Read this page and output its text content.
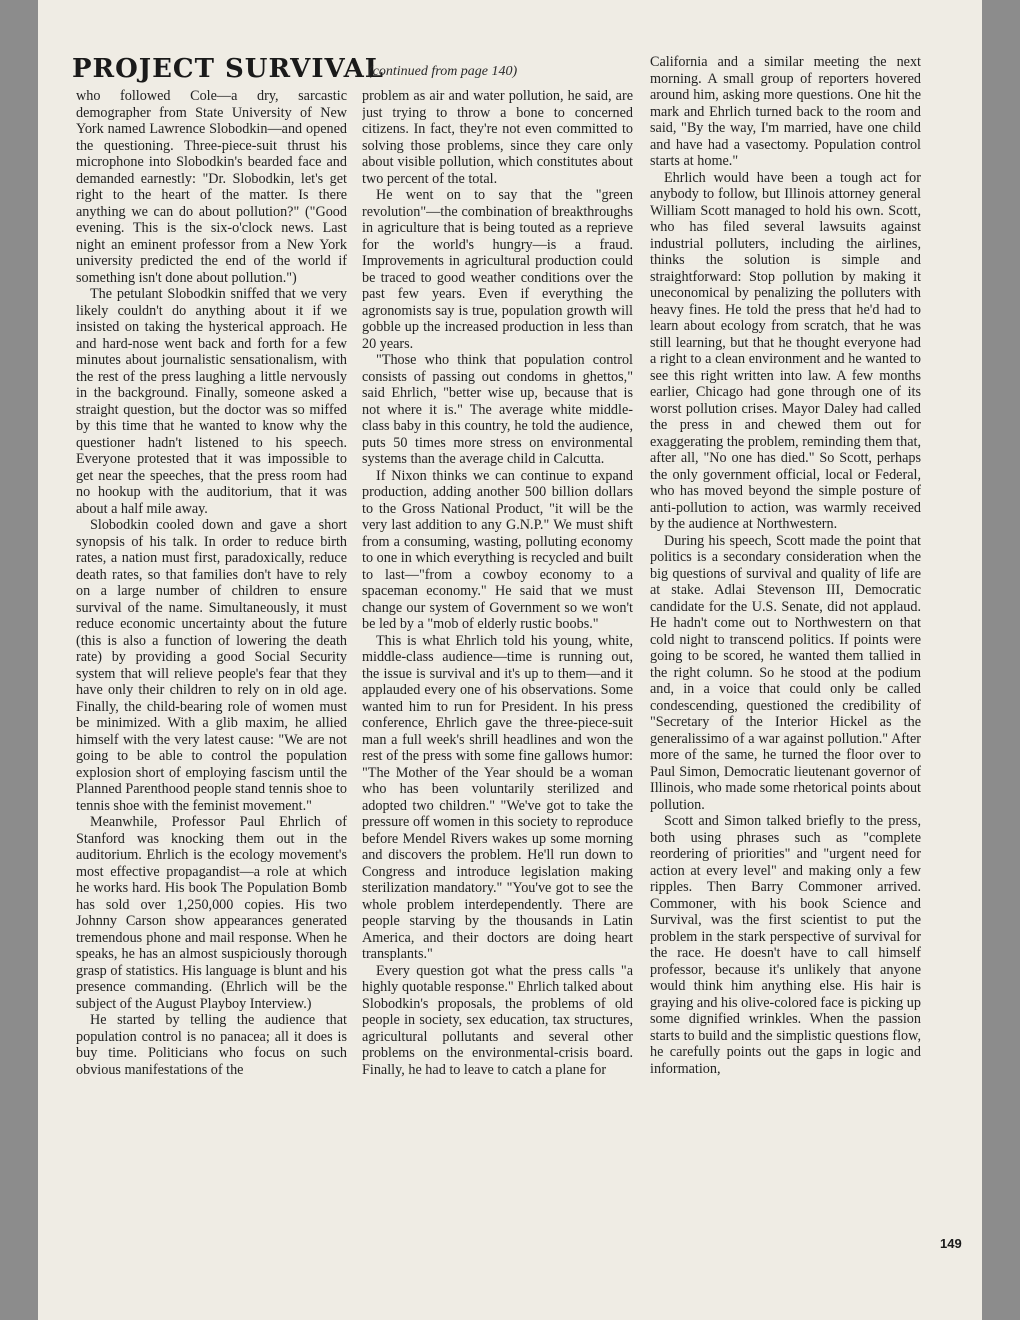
PROJECT SURVIVAL
(continued from page 140)

who followed Cole—a dry, sarcastic demographer from State University of New York named Lawrence Slobodkin—and opened the questioning. Three-piece-suit thrust his microphone into Slobodkin's bearded face and demanded earnestly: "Dr. Slobodkin, let's get right to the heart of the matter. Is there anything we can do about pollution?" ("Good evening. This is the six-o'clock news. Last night an eminent professor from a New York university predicted the end of the world if something isn't done about pollution.")

The petulant Slobodkin sniffed that we very likely couldn't do anything about it if we insisted on taking the hysterical approach. He and hard-nose went back and forth for a few minutes about journalistic sensationalism, with the rest of the press laughing a little nervously in the background. Finally, someone asked a straight question, but the doctor was so miffed by this time that he wanted to know why the questioner hadn't listened to his speech. Everyone protested that it was impossible to get near the speeches, that the press room had no hookup with the auditorium, that it was about a half mile away.

Slobodkin cooled down and gave a short synopsis of his talk. In order to reduce birth rates, a nation must first, paradoxically, reduce death rates, so that families don't have to rely on a large number of children to ensure survival of the name. Simultaneously, it must reduce economic uncertainty about the future (this is also a function of lowering the death rate) by providing a good Social Security system that will relieve people's fear that they have only their children to rely on in old age. Finally, the child-bearing role of women must be minimized. With a glib maxim, he allied himself with the very latest cause: "We are not going to be able to control the population explosion short of employing fascism until the Planned Parenthood people stand tennis shoe to tennis shoe with the feminist movement."

Meanwhile, Professor Paul Ehrlich of Stanford was knocking them out in the auditorium. Ehrlich is the ecology movement's most effective propagandist—a role at which he works hard. His book The Population Bomb has sold over 1,250,000 copies. His two Johnny Carson show appearances generated tremendous phone and mail response. When he speaks, he has an almost suspiciously thorough grasp of statistics. His language is blunt and his presence commanding. (Ehrlich will be the subject of the August Playboy Interview.)

He started by telling the audience that population control is no panacea; all it does is buy time. Politicians who focus on such obvious manifestations of the

problem as air and water pollution, he said, are just trying to throw a bone to concerned citizens. In fact, they're not even committed to solving those problems, since they care only about visible pollution, which constitutes about two percent of the total.

He went on to say that the "green revolution"—the combination of breakthroughs in agriculture that is being touted as a reprieve for the world's hungry—is a fraud. Improvements in agricultural production could be traced to good weather conditions over the past few years. Even if everything the agronomists say is true, population growth will gobble up the increased production in less than 20 years.

"Those who think that population control consists of passing out condoms in ghettos," said Ehrlich, "better wise up, because that is not where it is." The average white middle-class baby in this country, he told the audience, puts 50 times more stress on environmental systems than the average child in Calcutta.

If Nixon thinks we can continue to expand production, adding another 500 billion dollars to the Gross National Product, "it will be the very last addition to any G.N.P." We must shift from a consuming, wasting, polluting economy to one in which everything is recycled and built to last—"from a cowboy economy to a spaceman economy." He said that we must change our system of Government so we won't be led by a "mob of elderly rustic boobs."

This is what Ehrlich told his young, white, middle-class audience—time is running out, the issue is survival and it's up to them—and it applauded every one of his observations. Some wanted him to run for President. In his press conference, Ehrlich gave the three-piece-suit man a full week's shrill headlines and won the rest of the press with some fine gallows humor: "The Mother of the Year should be a woman who has been voluntarily sterilized and adopted two children." "We've got to take the pressure off women in this society to reproduce before Mendel Rivers wakes up some morning and discovers the problem. He'll run down to Congress and introduce legislation making sterilization mandatory." "You've got to see the whole problem interdependently. There are people starving by the thousands in Latin America, and their doctors are doing heart transplants."

Every question got what the press calls "a highly quotable response." Ehrlich talked about Slobodkin's proposals, the problems of old people in society, sex education, tax structures, agricultural pollutants and several other problems on the environmental-crisis board. Finally, he had to leave to catch a plane for

California and a similar meeting the next morning. A small group of reporters hovered around him, asking more questions. One hit the mark and Ehrlich turned back to the room and said, "By the way, I'm married, have one child and have had a vasectomy. Population control starts at home."

Ehrlich would have been a tough act for anybody to follow, but Illinois attorney general William Scott managed to hold his own. Scott, who has filed several lawsuits against industrial polluters, including the airlines, thinks the solution is simple and straightforward: Stop pollution by making it uneconomical by penalizing the polluters with heavy fines. He told the press that he'd had to learn about ecology from scratch, that he was still learning, but that he thought everyone had a right to a clean environment and he wanted to see this right written into law. A few months earlier, Chicago had gone through one of its worst pollution crises. Mayor Daley had called the press in and chewed them out for exaggerating the problem, reminding them that, after all, "No one has died." So Scott, perhaps the only government official, local or Federal, who has moved beyond the simple posture of anti-pollution to action, was warmly received by the audience at Northwestern.

During his speech, Scott made the point that politics is a secondary consideration when the big questions of survival and quality of life are at stake. Adlai Stevenson III, Democratic candidate for the U.S. Senate, did not applaud. He hadn't come out to Northwestern on that cold night to transcend politics. If points were going to be scored, he wanted them tallied in the right column. So he stood at the podium and, in a voice that could only be called condescending, questioned the credibility of "Secretary of the Interior Hickel as the generalissimo of a war against pollution." After more of the same, he turned the floor over to Paul Simon, Democratic lieutenant governor of Illinois, who made some rhetorical points about pollution.

Scott and Simon talked briefly to the press, both using phrases such as "complete reordering of priorities" and "urgent need for action at every level" and making only a few ripples. Then Barry Commoner arrived. Commoner, with his book Science and Survival, was the first scientist to put the problem in the stark perspective of survival for the race. He doesn't have to call himself professor, because it's unlikely that anyone would think him anything else. His hair is graying and his olive-colored face is picking up some dignified wrinkles. When the passion starts to build and the simplistic questions flow, he carefully points out the gaps in logic and information,

149
